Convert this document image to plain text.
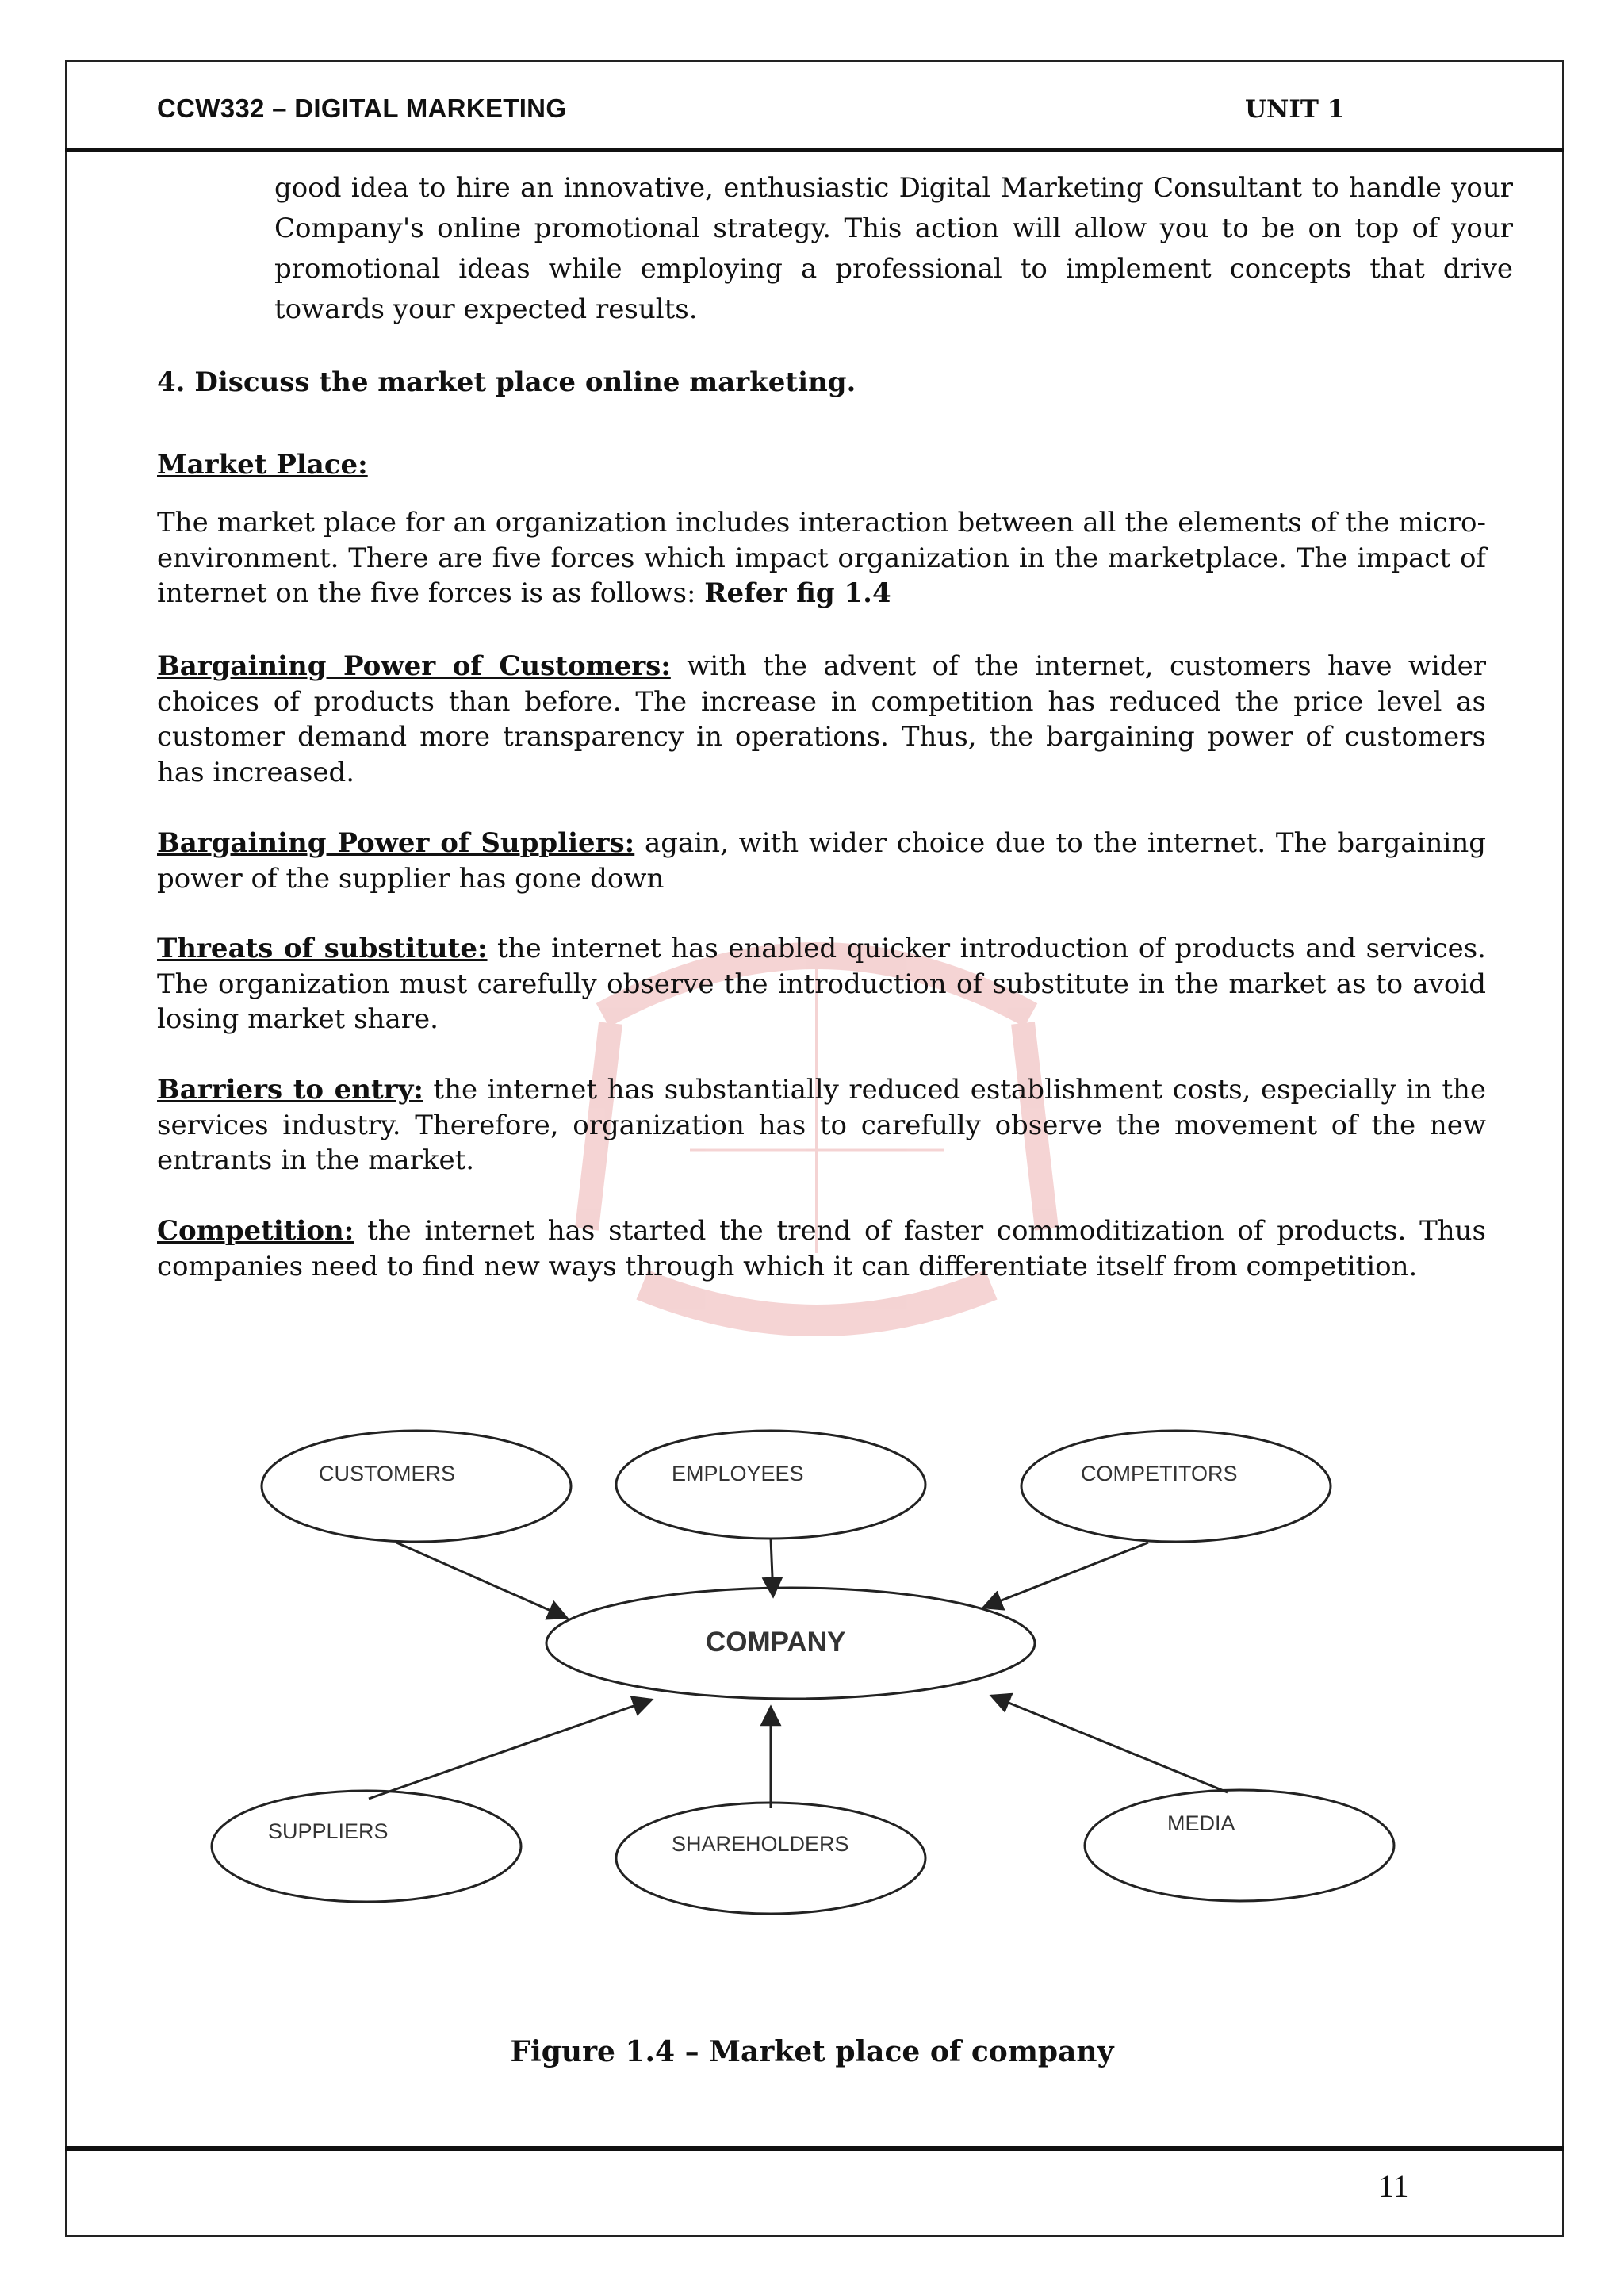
CCW332 – DIGITAL MARKETING	UNIT 1

good idea to hire an innovative, enthusiastic Digital Marketing Consultant to handle your Company's online promotional strategy. This action will allow you to be on top of your promotional ideas while employing a professional to implement concepts that drive towards your expected results.

4. Discuss the market place online marketing.

Market Place:

The market place for an organization includes interaction between all the elements of the micro-environment. There are five forces which impact organization in the marketplace. The impact of internet on the five forces is as follows: Refer fig 1.4

Bargaining Power of Customers: with the advent of the internet, customers have wider choices of products than before. The increase in competition has reduced the price level as customer demand more transparency in operations. Thus, the bargaining power of customers has increased.

Bargaining Power of Suppliers: again, with wider choice due to the internet. The bargaining power of the supplier has gone down

Threats of substitute: the internet has enabled quicker introduction of products and services. The organization must carefully observe the introduction of substitute in the market as to avoid losing market share.

Barriers to entry: the internet has substantially reduced establishment costs, especially in the services industry. Therefore, organization has to carefully observe the movement of the new entrants in the market.

Competition: the internet has started the trend of faster commoditization of products. Thus companies need to find new ways through which it can differentiate itself from competition.

CUSTOMERS	EMPLOYEES	COMPETITORS
COMPANY
SUPPLIERS
SHAREHOLDERS
MEDIA

Figure 1.4 – Market place of company

11
